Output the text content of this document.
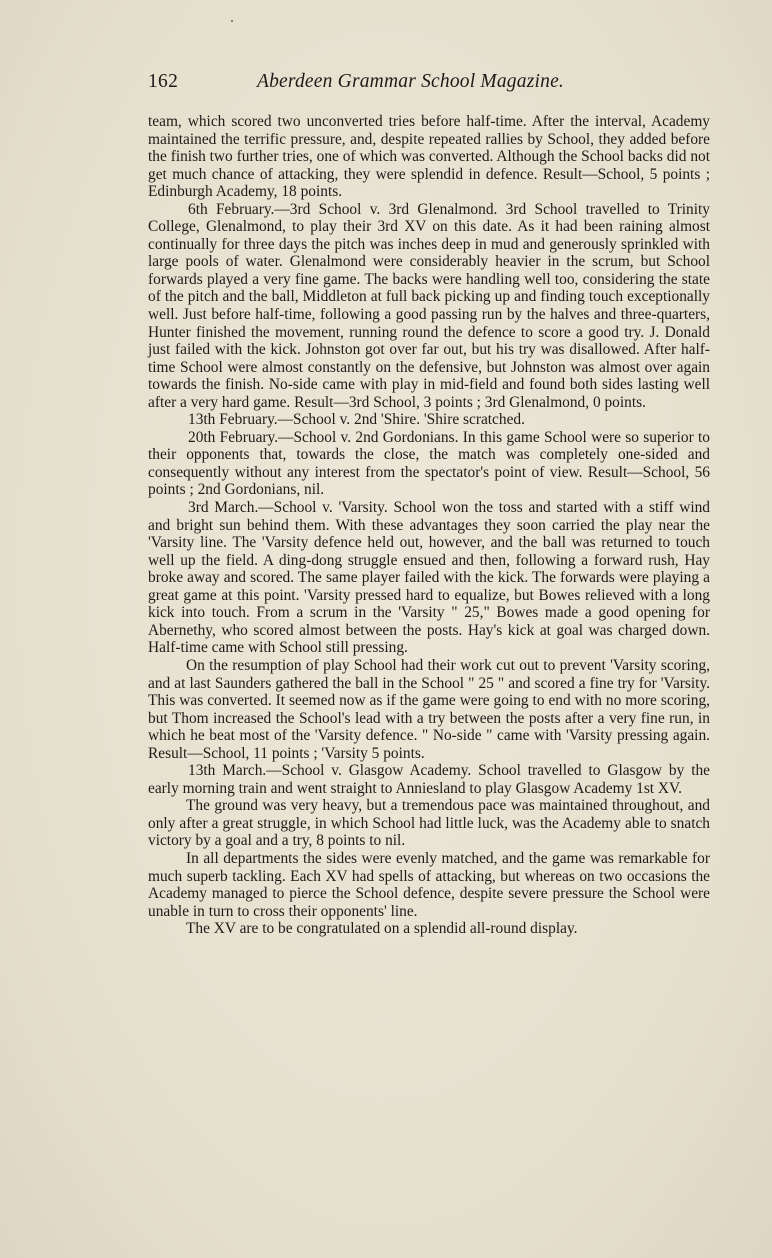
162	Aberdeen Grammar School Magazine.

team, which scored two unconverted tries before half-time. After the interval, Academy maintained the terrific pressure, and, despite repeated rallies by School, they added before the finish two further tries, one of which was converted. Although the School backs did not get much chance of attacking, they were splendid in defence. Result—School, 5 points ; Edinburgh Academy, 18 points.

6th February.—3rd School v. 3rd Glenalmond. 3rd School travelled to Trinity College, Glenalmond, to play their 3rd XV on this date. As it had been raining almost continually for three days the pitch was inches deep in mud and generously sprinkled with large pools of water. Glenalmond were considerably heavier in the scrum, but School forwards played a very fine game. The backs were handling well too, considering the state of the pitch and the ball, Middleton at full back picking up and finding touch exceptionally well. Just before half-time, following a good passing run by the halves and three-quarters, Hunter finished the movement, running round the defence to score a good try. J. Donald just failed with the kick. Johnston got over far out, but his try was disallowed. After half-time School were almost constantly on the defensive, but Johnston was almost over again towards the finish. No-side came with play in mid-field and found both sides lasting well after a very hard game. Result—3rd School, 3 points ; 3rd Glenalmond, 0 points.

13th February.—School v. 2nd 'Shire. 'Shire scratched.

20th February.—School v. 2nd Gordonians. In this game School were so superior to their opponents that, towards the close, the match was completely one-sided and consequently without any interest from the spectator's point of view. Result—School, 56 points ; 2nd Gordonians, nil.

3rd March.—School v. 'Varsity. School won the toss and started with a stiff wind and bright sun behind them. With these advantages they soon carried the play near the 'Varsity line. The 'Varsity defence held out, however, and the ball was returned to touch well up the field. A ding-dong struggle ensued and then, following a forward rush, Hay broke away and scored. The same player failed with the kick. The forwards were playing a great game at this point. 'Varsity pressed hard to equalize, but Bowes relieved with a long kick into touch. From a scrum in the 'Varsity " 25," Bowes made a good opening for Abernethy, who scored almost between the posts. Hay's kick at goal was charged down. Half-time came with School still pressing.

On the resumption of play School had their work cut out to prevent 'Varsity scoring, and at last Saunders gathered the ball in the School " 25 " and scored a fine try for 'Varsity. This was converted. It seemed now as if the game were going to end with no more scoring, but Thom increased the School's lead with a try between the posts after a very fine run, in which he beat most of the 'Varsity defence. " No-side " came with 'Varsity pressing again. Result—School, 11 points ; 'Varsity 5 points.

13th March.—School v. Glasgow Academy. School travelled to Glasgow by the early morning train and went straight to Anniesland to play Glasgow Academy 1st XV.

The ground was very heavy, but a tremendous pace was maintained throughout, and only after a great struggle, in which School had little luck, was the Academy able to snatch victory by a goal and a try, 8 points to nil.

In all departments the sides were evenly matched, and the game was remarkable for much superb tackling. Each XV had spells of attacking, but whereas on two occasions the Academy managed to pierce the School defence, despite severe pressure the School were unable in turn to cross their opponents' line.

The XV are to be congratulated on a splendid all-round display.
